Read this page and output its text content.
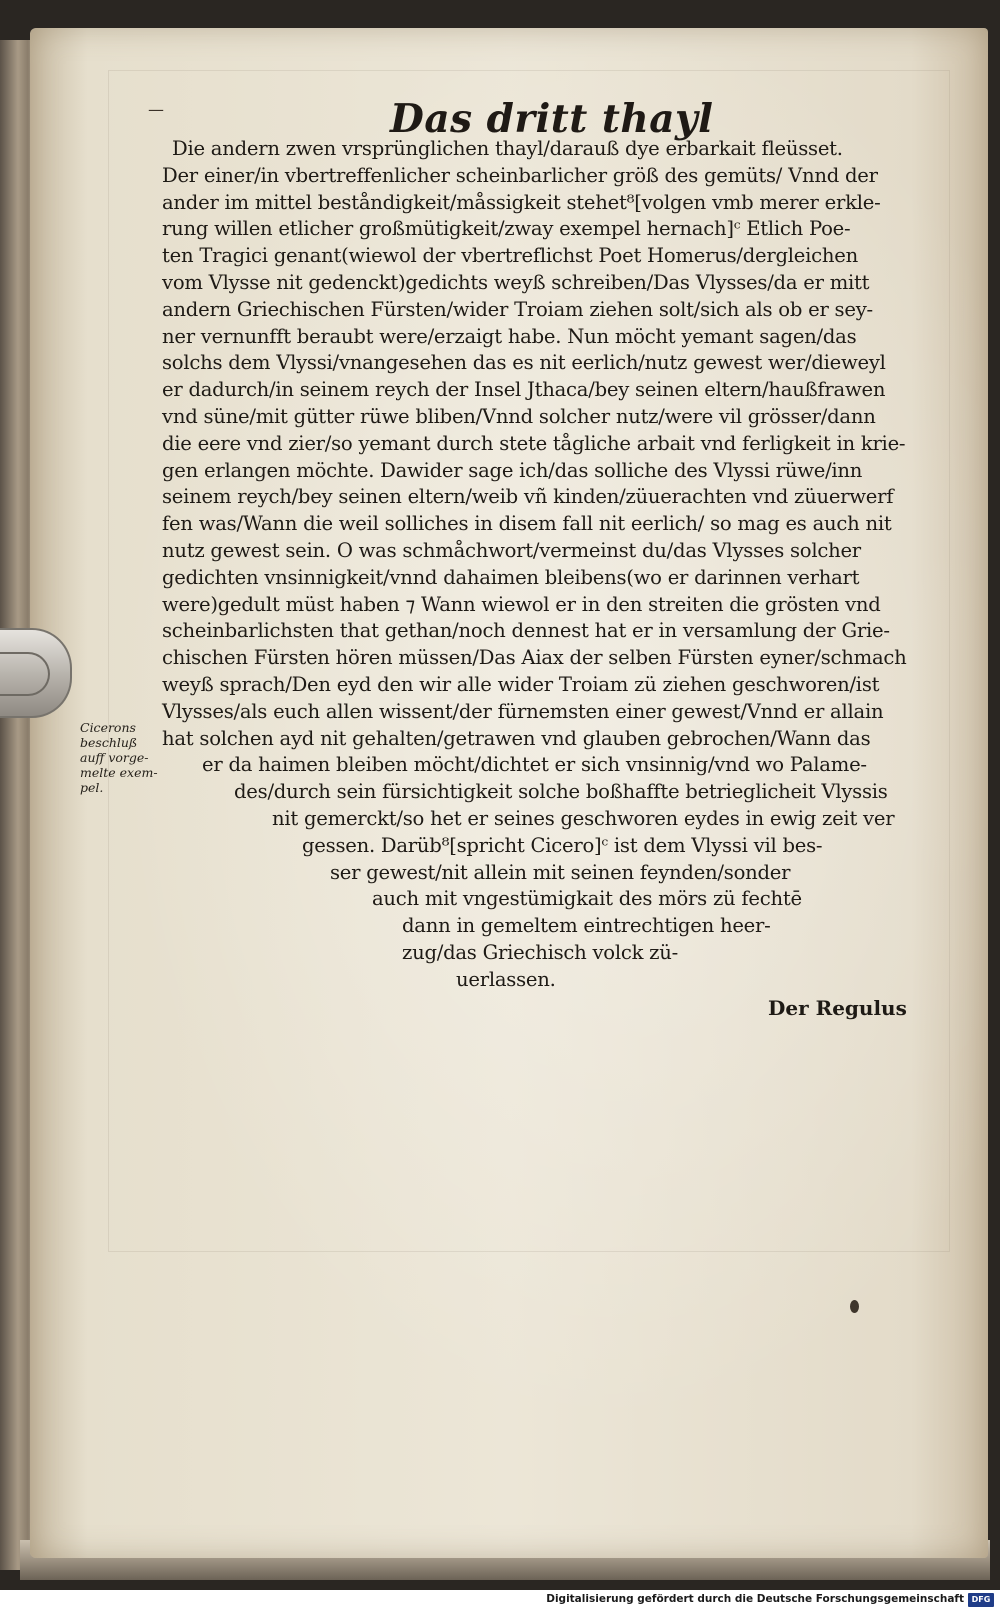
—	Das dritt thayl
Die andern zwen vrsprünglichen thayl/darauß dye erbarkait fleüsset.
Der einer/in vbertreffenlicher scheinbarlicher größ des gemüts/ Vnnd der
ander im mittel beståndigkeit/måssigkeit stehet⁸[volgen vmb merer erkle-
rung willen etlicher großmütigkeit/zway exempel hernach]ᶜ Etlich Poe-
ten Tragici genant(wiewol der vbertreflichst Poet Homerus/dergleichen
vom Vlysse nit gedenckt)gedichts weyß schreiben/Das Vlysses/da er mitt
andern Griechischen Fürsten/wider Troiam ziehen solt/sich als ob er sey-
ner vernunfft beraubt were/erzaigt habe. Nun möcht yemant sagen/das
solchs dem Vlyssi/vnangesehen das es nit eerlich/nutz gewest wer/dieweyl
er dadurch/in seinem reych der Insel Jthaca/bey seinen eltern/haußfrawen
vnd süne/mit gütter rüwe bliben/Vnnd solcher nutz/were vil grösser/dann
die eere vnd zier/so yemant durch stete tågliche arbait vnd ferligkeit in krie-
gen erlangen möchte. Dawider sage ich/das solliche des Vlyssi rüwe/inn
seinem reych/bey seinen eltern/weib vñ kinden/züuerachten vnd züuerwerf
fen was/Wann die weil solliches in disem fall nit eerlich/ so mag es auch nit
nutz gewest sein. O was schmåchwort/vermeinst du/das Vlysses solcher
gedichten vnsinnigkeit/vnnd dahaimen bleibens(wo er darinnen verhart
were)gedult müst haben ⁊ Wann wiewol er in den streiten die grösten vnd
scheinbarlichsten that gethan/noch dennest hat er in versamlung der Grie-
chischen Fürsten hören müssen/Das Aiax der selben Fürsten eyner/schmach
weyß sprach/Den eyd den wir alle wider Troiam zü ziehen geschworen/ist
Vlysses/als euch allen wissent/der fürnemsten einer gewest/Vnnd er allain
hat solchen ayd nit gehalten/getrawen vnd glauben gebrochen/Wann das
er da haimen bleiben möcht/dichtet er sich vnsinnig/vnd wo Palame-
des/durch sein fürsichtigkeit solche boßhaffte betrieglicheit Vlyssis
nit gemerckt/so het er seines geschworen eydes in ewig zeit ver
gessen. Darüb⁸[spricht Cicero]ᶜ ist dem Vlyssi vil bes-
ser gewest/nit allein mit seinen feynden/sonder
auch mit vngestümigkait des mörs zü fechtē
dann in gemeltem eintrechtigen heer-
zug/das Griechisch volck zü-
uerlassen.
Cicerons
beschluß
auff vorge-
melte exem-
pel.
Der Regulus
Digitalisierung gefördert durch die Deutsche Forschungsgemeinschaft DFG
